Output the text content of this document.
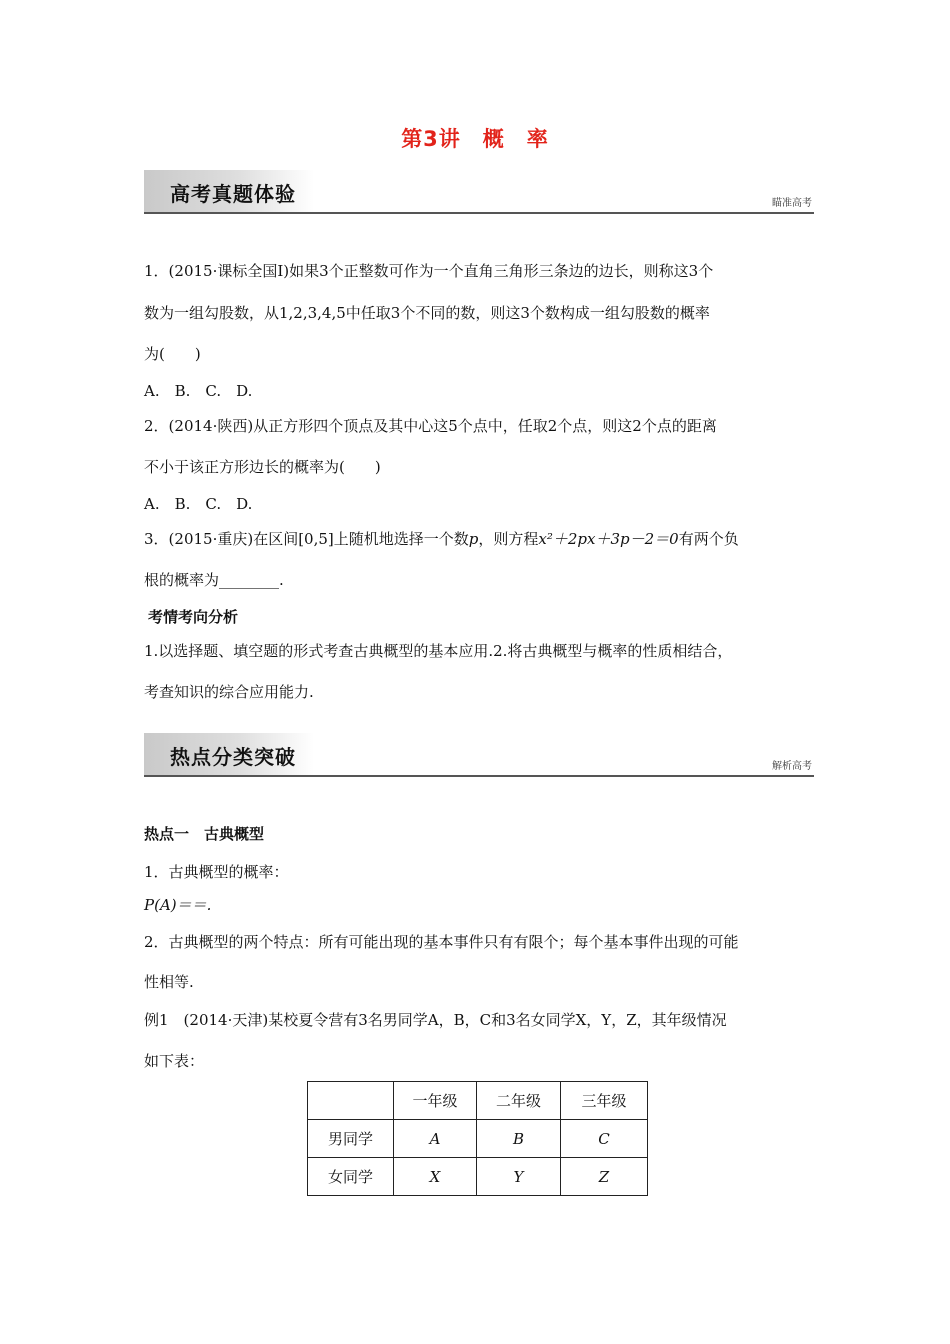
第3讲　概　率
高考真题体验	瞄准高考
1．(2015·课标全国Ⅰ)如果3个正整数可作为一个直角三角形三条边的边长，则称这3个
数为一组勾股数，从1,2,3,4,5中任取3个不同的数，则这3个数构成一组勾股数的概率
为(　　)
A.　B.　C.　D.
2．(2014·陕西)从正方形四个顶点及其中心这5个点中，任取2个点，则这2个点的距离
不小于该正方形边长的概率为(　　)
A.　B.　C.　D.
3．(2015·重庆)在区间[0,5]上随机地选择一个数p，则方程x²＋2px＋3p－2＝0有两个负
根的概率为________.
考情考向分析
1.以选择题、填空题的形式考查古典概型的基本应用.2.将古典概型与概率的性质相结合，
考查知识的综合应用能力.
热点分类突破	解析高考
热点一　古典概型
1．古典概型的概率：
P(A)＝＝.
2．古典概型的两个特点：所有可能出现的基本事件只有有限个；每个基本事件出现的可能
性相等.
例1　(2014·天津)某校夏令营有3名男同学A，B，C和3名女同学X，Y，Z，其年级情况
如下表：
	一年级	二年级	三年级
男同学	A	B	C
女同学	X	Y	Z
